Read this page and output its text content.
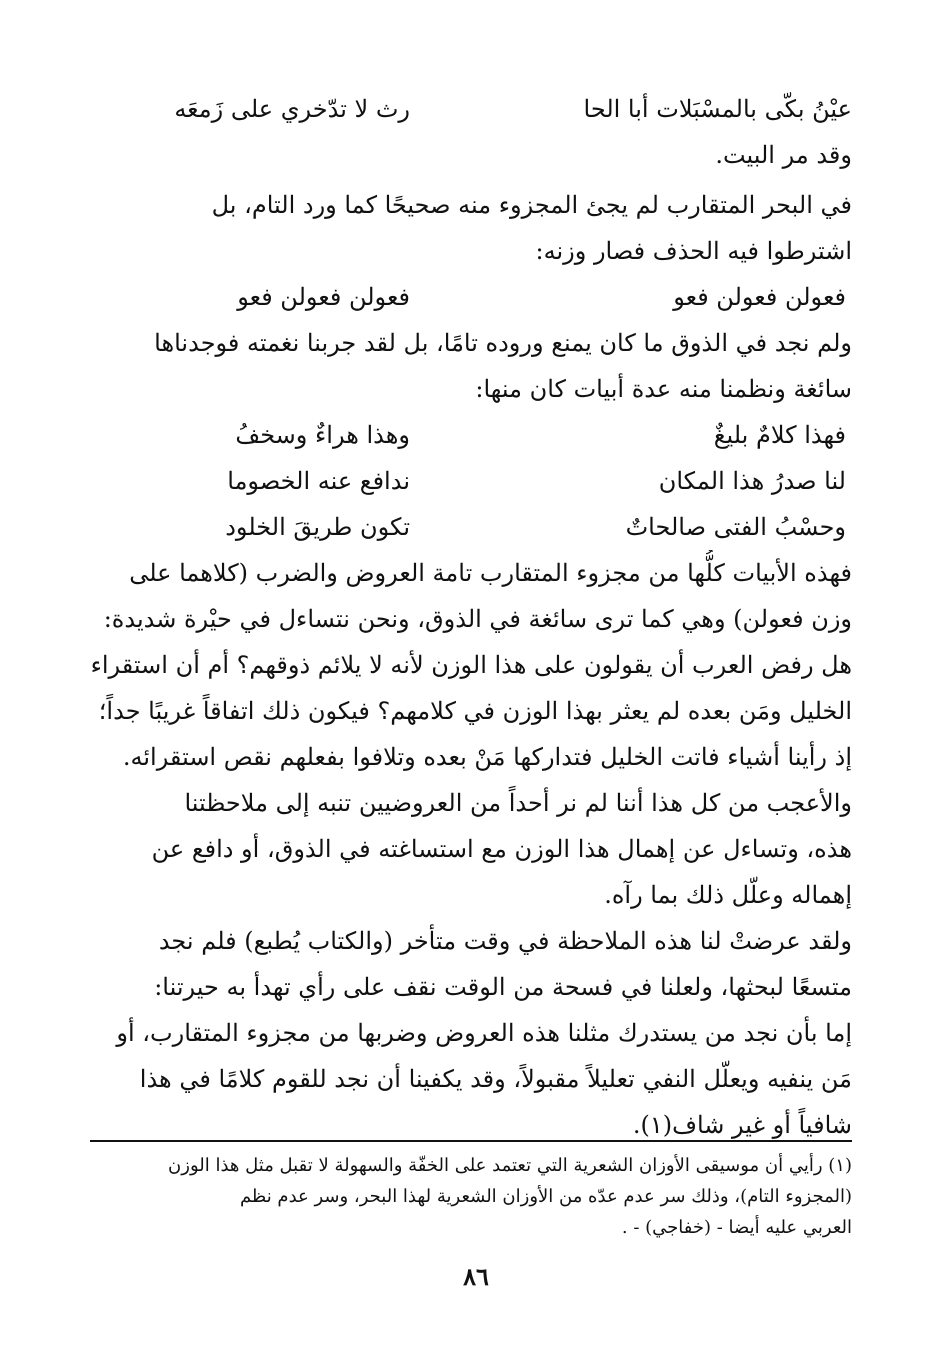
عيْنُ بكّى بالمسْبَلات أبا الحا
رث لا تدّخري على زَمعَه
وقد مر البيت.
في البحر المتقارب لم يجئ المجزوء منه صحيحًا كما ورد التام، بل
اشترطوا فيه الحذف فصار وزنه:
فعولن فعولن فعو
فعولن فعولن فعو
ولم نجد في الذوق ما كان يمنع وروده تامًا، بل لقد جربنا نغمته فوجدناها
سائغة ونظمنا منه عدة أبيات كان منها:
فهذا كلامٌ بليغٌ
وهذا هراءٌ وسخفُ
لنا صدرُ هذا المكان
ندافع عنه الخصوما
وحسْبُ الفتى صالحاتٌ
تكون طريقَ الخلود
فهذه الأبيات كلُّها من مجزوء المتقارب تامة العروض والضرب (كلاهما على
وزن فعولن) وهي كما ترى سائغة في الذوق، ونحن نتساءل في حيْرة شديدة:
هل رفض العرب أن يقولون على هذا الوزن لأنه لا يلائم ذوقهم؟ أم أن استقراء
الخليل ومَن بعده لم يعثر بهذا الوزن في كلامهم؟ فيكون ذلك اتفاقاً غريبًا جداً؛
إذ رأينا أشياء فاتت الخليل فتداركها مَنْ بعده وتلافوا بفعلهم نقص استقرائه.
والأعجب من كل هذا أننا لم نر أحداً من العروضيين تنبه إلى ملاحظتنا
هذه، وتساءل عن إهمال هذا الوزن مع استساغته في الذوق، أو دافع عن
إهماله وعلّل ذلك بما رآه.
ولقد عرضتْ لنا هذه الملاحظة في وقت متأخر (والكتاب يُطبع) فلم نجد
متسعًا لبحثها، ولعلنا في فسحة من الوقت نقف على رأي تهدأ به حيرتنا:
إما بأن نجد من يستدرك مثلنا هذه العروض وضربها من مجزوء المتقارب، أو
مَن ينفيه ويعلّل النفي تعليلاً مقبولاً، وقد يكفينا أن نجد للقوم كلامًا في هذا
شافياً أو غير شاف(١).
(١) رأيي أن موسيقى الأوزان الشعرية التي تعتمد على الخفّة والسهولة لا تقبل مثل هذا الوزن
(المجزوء التام)، وذلك سر عدم عدّه من الأوزان الشعرية لهذا البحر، وسر عدم نظم
العربي عليه أيضا - (خفاجي) - .
٨٦
